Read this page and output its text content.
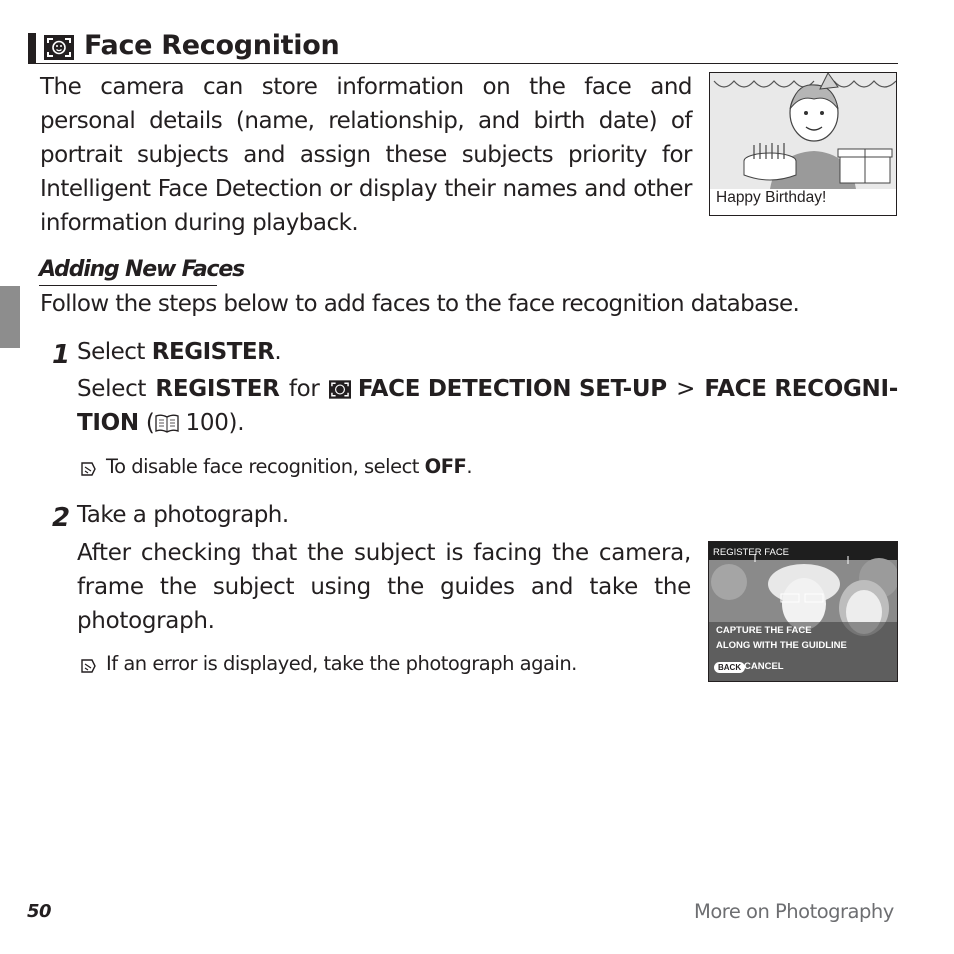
Face Recognition
The camera can store information on the face and personal details (name, relationship, and birth date) of portrait subjects and assign these subjects priority for Intelligent Face Detection or display their names and other information during playback.
Happy Birthday!
Adding New Faces
Follow the steps below to add faces to the face recognition database.
1 Select REGISTER.
Select REGISTER for	FACE DETECTION SET-UP > FACE RECOGNI-
TION ( 100).
To disable face recognition, select OFF.
2 Take a photograph.
After checking that the subject is facing the camera, frame the subject using the guides and take the photograph.
If an error is displayed, take the photograph again.
REGISTER FACE
CAPTURE THE FACE
ALONG WITH THE GUIDLINE
BACK CANCEL
50	More on Photography
